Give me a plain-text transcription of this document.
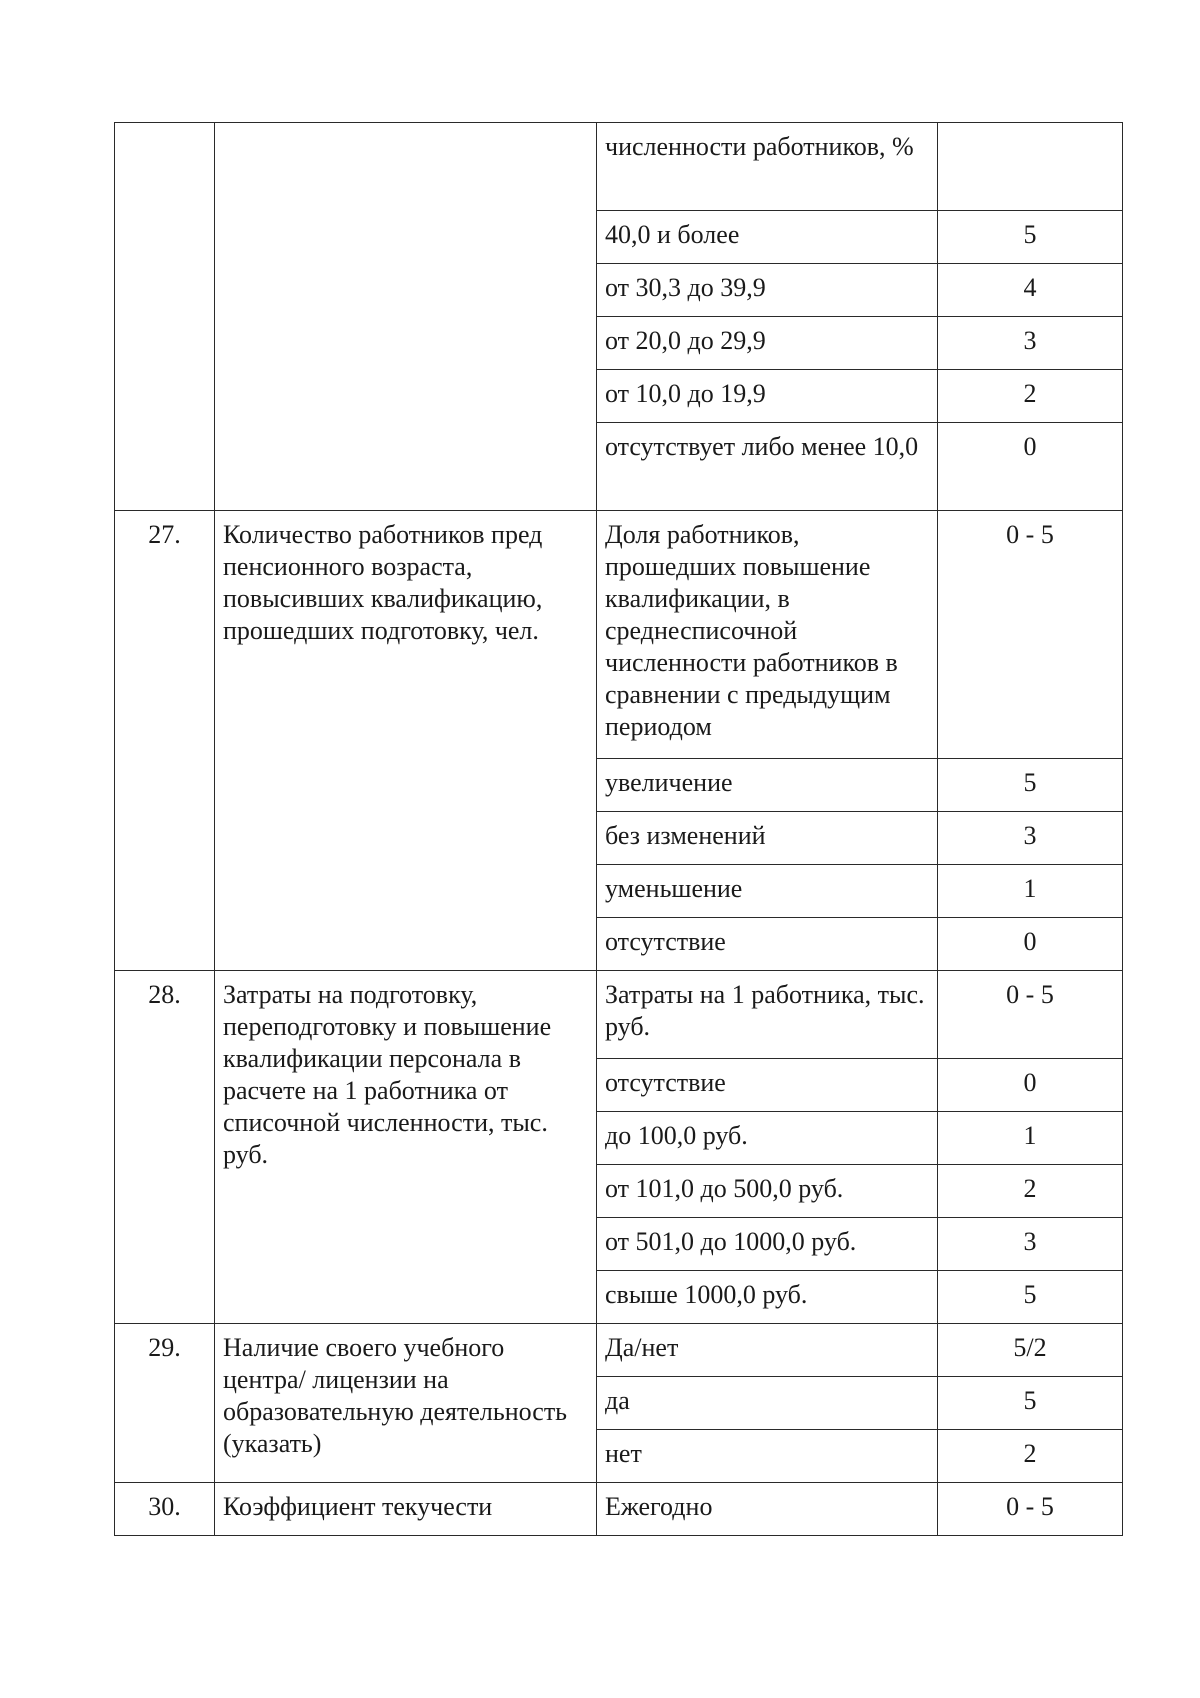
		численности работников, %	
		40,0 и более	5
		от 30,3 до 39,9	4
		от 20,0 до 29,9	3
		от 10,0 до 19,9	2
		отсутствует либо менее 10,0	0
27.	Количество работников пред пенсионного возраста, повысивших квалификацию, прошедших подготовку, чел.	Доля работников, прошедших повышение квалификации, в среднесписочной численности работников в сравнении с предыдущим периодом	0 - 5
		увеличение	5
		без изменений	3
		уменьшение	1
		отсутствие	0
28.	Затраты на подготовку, переподготовку и повышение квалификации персонала в расчете на 1 работника от списочной численности, тыс. руб.	Затраты на 1 работника, тыс. руб.	0 - 5
		отсутствие	0
		до 100,0 руб.	1
		от 101,0 до 500,0 руб.	2
		от 501,0 до 1000,0 руб.	3
		свыше 1000,0 руб.	5
29.	Наличие своего учебного центра/ лицензии на образовательную деятельность (указать)	Да/нет	5/2
		да	5
		нет	2
30.	Коэффициент текучести	Ежегодно	0 - 5
